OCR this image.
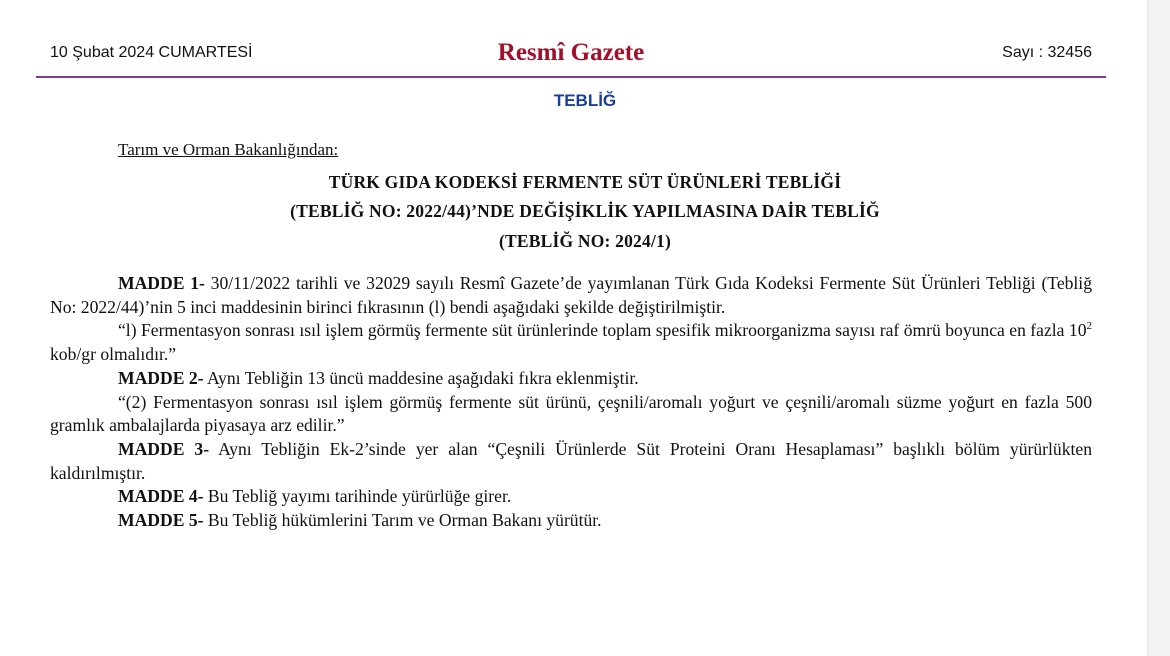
10 Şubat 2024 CUMARTESİ	Resmî Gazete	Sayı : 32456
TEBLİĞ
Tarım ve Orman Bakanlığından:
TÜRK GIDA KODEKSİ FERMENTE SÜT ÜRÜNLERİ TEBLİĞİ
(TEBLİĞ NO: 2022/44)’NDE DEĞİŞİKLİK YAPILMASINA DAİR TEBLİĞ
(TEBLİĞ NO: 2024/1)

MADDE 1- 30/11/2022 tarihli ve 32029 sayılı Resmî Gazete’de yayımlanan Türk Gıda Kodeksi Fermente Süt Ürünleri Tebliği (Tebliğ No: 2022/44)’nin 5 inci maddesinin birinci fıkrasının (l) bendi aşağıdaki şekilde değiştirilmiştir.

“l) Fermentasyon sonrası ısıl işlem görmüş fermente süt ürünlerinde toplam spesifik mikroorganizma sayısı raf ömrü boyunca en fazla $10^2$ kob/gr olmalıdır.”

MADDE 2- Aynı Tebliğin 13 üncü maddesine aşağıdaki fıkra eklenmiştir.

“(2) Fermentasyon sonrası ısıl işlem görmüş fermente süt ürünü, çeşnili/aromalı yoğurt ve çeşnili/aromalı süzme yoğurt en fazla 500 gramlık ambalajlarda piyasaya arz edilir.”

MADDE 3- Aynı Tebliğin Ek-2’sinde yer alan “Çeşnili Ürünlerde Süt Proteini Oranı Hesaplaması” başlıklı bölüm yürürlükten kaldırılmıştır.

MADDE 4- Bu Tebliğ yayımı tarihinde yürürlüğe girer.

MADDE 5- Bu Tebliğ hükümlerini Tarım ve Orman Bakanı yürütür.
